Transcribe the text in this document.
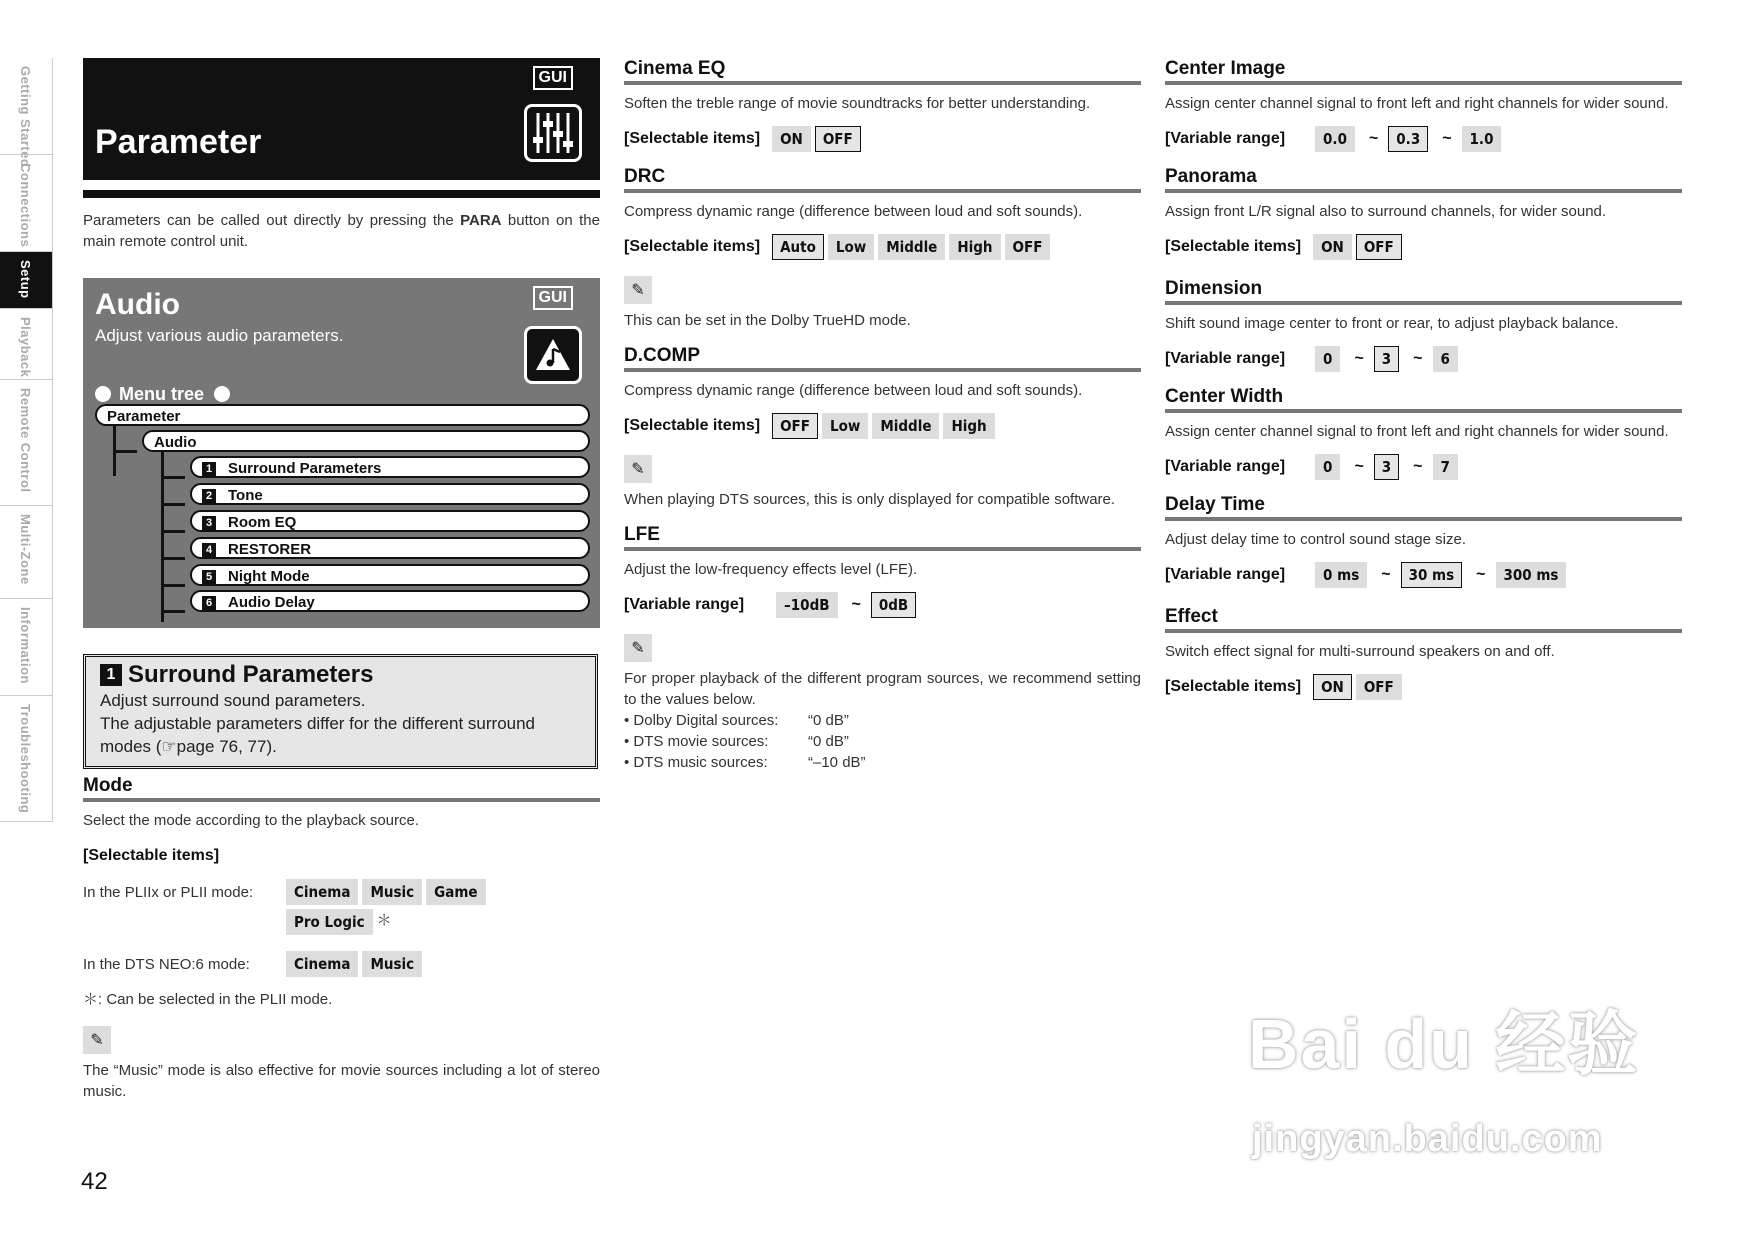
Getting Started
Connections
Setup
Playback
Remote Control
Multi-Zone
Information
Troubleshooting
GUI
Parameter

Parameters can be called out directly by pressing the PARA button on the main remote control unit.

Audio
Adjust various audio parameters.
GUI
Menu tree
Parameter
Audio
1 Surround Parameters
2 Tone
3 Room EQ
4 RESTORER
5 Night Mode
6 Audio Delay
1 Surround Parameters
Adjust surround sound parameters.
The adjustable parameters differ for the different surround
modes (☞page 76, 77).
Mode

Select the mode according to the playback source.

[Selectable items]
In the PLIIx or PLII mode:	Cinema Music Game
Pro Logic ＊
In the DTS NEO:6 mode:	Cinema Music

＊: Can be selected in the PLII mode.

✎

The “Music” mode is also effective for movie sources including a lot of stereo music.

Cinema EQ

Soften the treble range of movie soundtracks for better understanding.

[Selectable items]	ON	OFF
DRC

Compress dynamic range (difference between loud and soft sounds).

[Selectable items]	Auto	Low	Middle	High	OFF
✎

This can be set in the Dolby TrueHD mode.

D.COMP

Compress dynamic range (difference between loud and soft sounds).

[Selectable items]	OFF	Low	Middle	High
✎

When playing DTS sources, this is only displayed for compatible software.

LFE

Adjust the low-frequency effects level (LFE).

[Variable range]	–10dB	~	0dB
✎

For proper playback of the different program sources, we recommend setting to the values below.

• Dolby Digital sources: “0 dB”
• DTS movie sources:	“0 dB”
• DTS music sources:	“–10 dB”
Center Image

Assign center channel signal to front left and right channels for wider sound.

[Variable range]	0.0	~	0.3	~	1.0
Panorama

Assign front L/R signal also to surround channels, for wider sound.

[Selectable items]	ON	OFF
Dimension

Shift sound image center to front or rear, to adjust playback balance.

[Variable range]	0	~	3	~	6
Center Width

Assign center channel signal to front left and right channels for wider sound.

[Variable range]	0	~	3	~	7
Delay Time

Adjust delay time to control sound stage size.

[Variable range]	0 ms	~	30 ms	~	300 ms
Effect

Switch effect signal for multi-surround speakers on and off.

[Selectable items]	ON	OFF
Bai du 经验
jingyan.baidu.com
42
